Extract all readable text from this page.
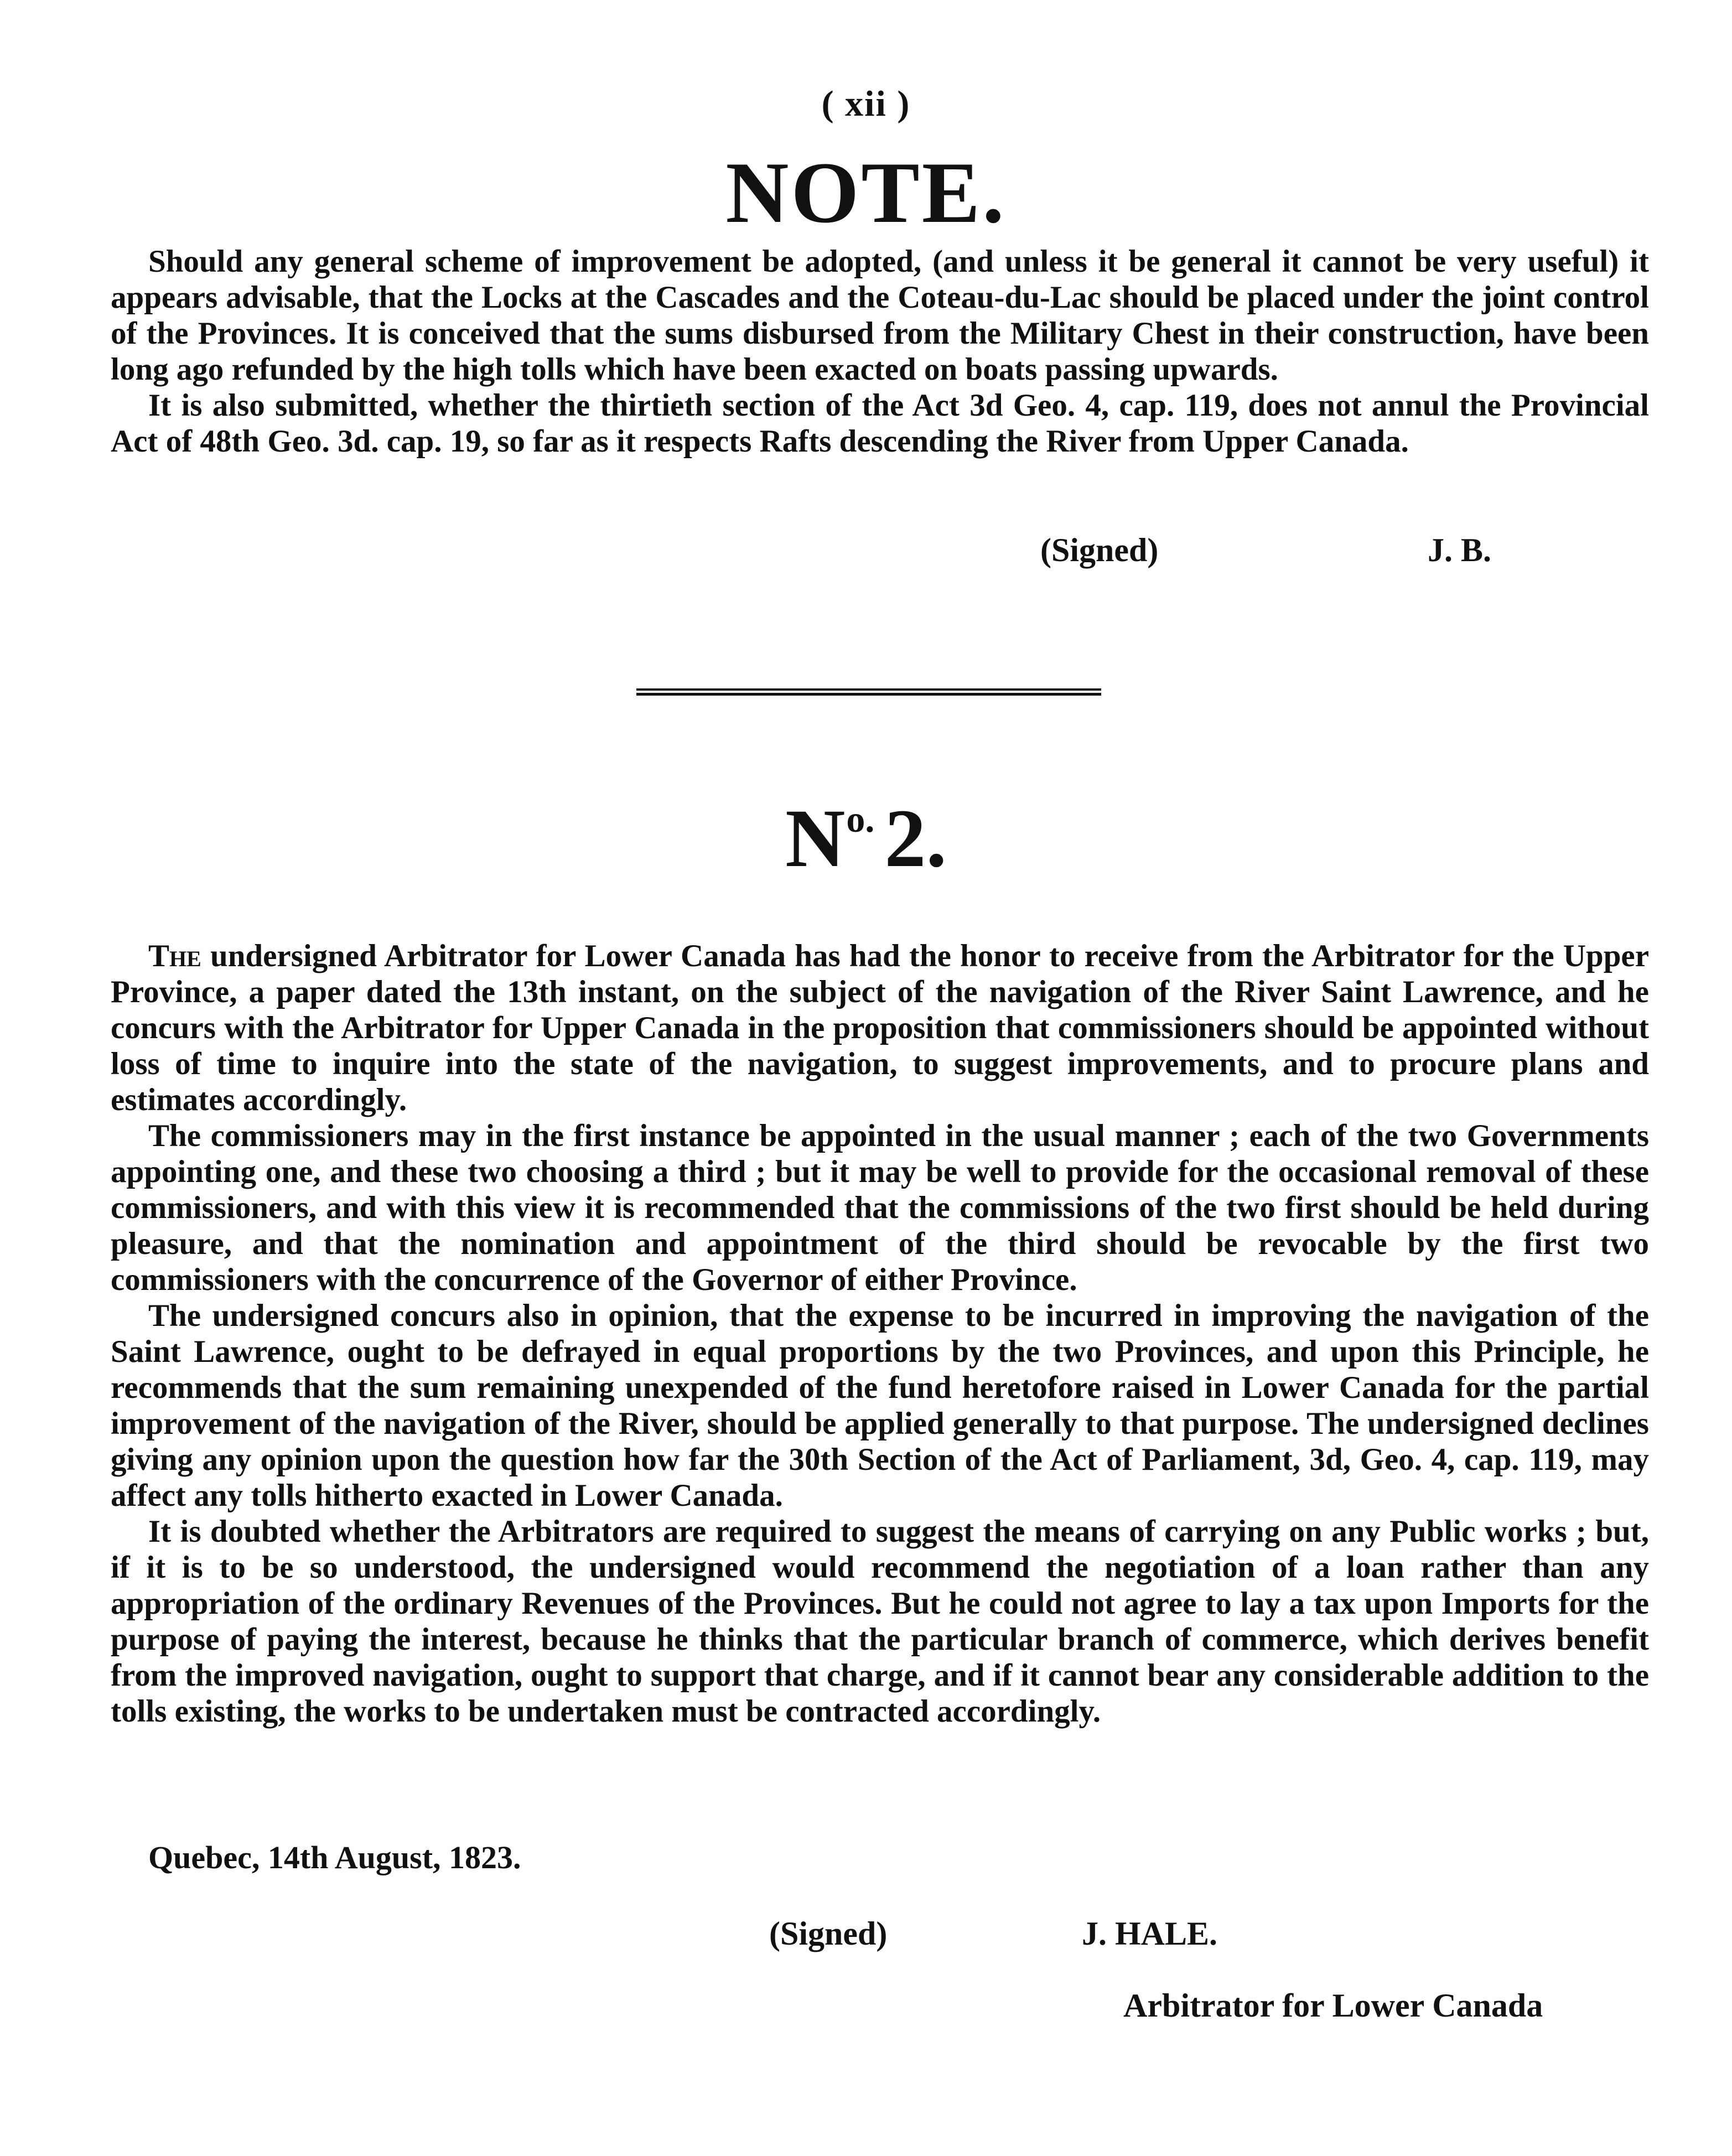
( xii )
NOTE.

Should any general scheme of improvement be adopted, (and unless it be general it cannot be very useful) it appears advisable, that the Locks at the Cascades and the Coteau-du-Lac should be placed under the joint control of the Provinces. It is conceived that the sums disbursed from the Military Chest in their construction, have been long ago refunded by the high tolls which have been exacted on boats passing upwards.

It is also submitted, whether the thirtieth section of the Act 3d Geo. 4, cap. 119, does not annul the Provincial Act of 48th Geo. 3d. cap. 19, so far as it respects Rafts descending the River from Upper Canada.

(Signed)	J. B.
$N^{o.}$ 2.

The undersigned Arbitrator for Lower Canada has had the honor to receive from the Arbitrator for the Upper Province, a paper dated the 13th instant, on the subject of the navigation of the River Saint Lawrence, and he concurs with the Arbitrator for Upper Canada in the proposition that commissioners should be appointed without loss of time to inquire into the state of the navigation, to suggest improvements, and to procure plans and estimates accordingly.

The commissioners may in the first instance be appointed in the usual manner ; each of the two Governments appointing one, and these two choosing a third ; but it may be well to provide for the occasional removal of these commissioners, and with this view it is recommended that the commissions of the two first should be held during pleasure, and that the nomination and appointment of the third should be revocable by the first two commissioners with the concurrence of the Governor of either Province.

The undersigned concurs also in opinion, that the expense to be incurred in improving the navigation of the Saint Lawrence, ought to be defrayed in equal proportions by the two Provinces, and upon this Principle, he recommends that the sum remaining unexpended of the fund heretofore raised in Lower Canada for the partial improvement of the navigation of the River, should be applied generally to that purpose. The undersigned declines giving any opinion upon the question how far the 30th Section of the Act of Parliament, 3d, Geo. 4, cap. 119, may affect any tolls hitherto exacted in Lower Canada.

It is doubted whether the Arbitrators are required to suggest the means of carrying on any Public works ; but, if it is to be so understood, the undersigned would recommend the negotiation of a loan rather than any appropriation of the ordinary Revenues of the Provinces. But he could not agree to lay a tax upon Imports for the purpose of paying the interest, because he thinks that the particular branch of commerce, which derives benefit from the improved navigation, ought to support that charge, and if it cannot bear any considerable addition to the tolls existing, the works to be undertaken must be contracted accordingly.

Quebec, 14th August, 1823.
(Signed)	J. HALE.
Arbitrator for Lower Canada
